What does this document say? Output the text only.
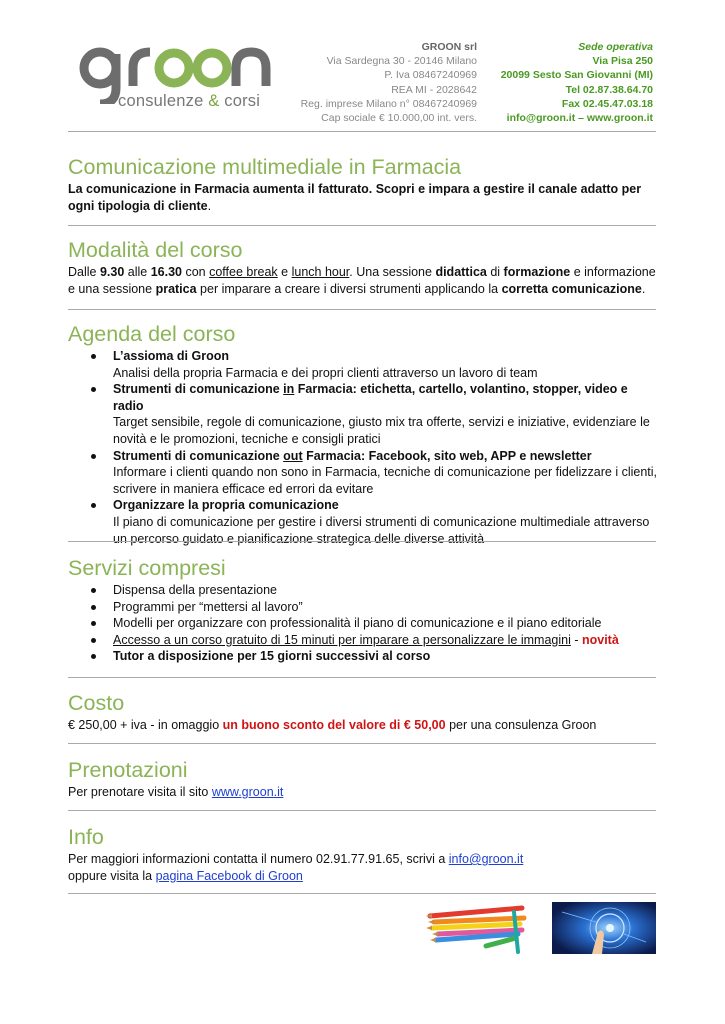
consulenze & corsi
GROON srl
Via Sardegna 30 - 20146 Milano
P. Iva 08467240969
REA MI - 2028642
Reg. imprese Milano n° 08467240969
Cap sociale € 10.000,00 int. vers.
Sede operativa
Via Pisa 250
20099 Sesto San Giovanni (MI)
Tel 02.87.38.64.70
Fax 02.45.47.03.18
info@groon.it – www.groon.it
Comunicazione multimediale in Farmacia
La comunicazione in Farmacia aumenta il fatturato. Scopri e impara a gestire il canale adatto per ogni tipologia di cliente.
Modalità del corso
Dalle 9.30 alle 16.30 con coffee break e lunch hour. Una sessione didattica di formazione e informazione e una sessione pratica per imparare a creare i diversi strumenti applicando la corretta comunicazione.
Agenda del corso
L’assioma di Groon
Analisi della propria Farmacia e dei propri clienti attraverso un lavoro di team
Strumenti di comunicazione in Farmacia: etichetta, cartello, volantino, stopper, video e radio
Target sensibile, regole di comunicazione, giusto mix tra offerte, servizi e iniziative, evidenziare le novità e le promozioni, tecniche e consigli pratici
Strumenti di comunicazione out Farmacia: Facebook, sito web, APP e newsletter
Informare i clienti quando non sono in Farmacia, tecniche di comunicazione per fidelizzare i clienti, scrivere in maniera efficace ed errori da evitare
Organizzare la propria comunicazione
Il piano di comunicazione per gestire i diversi strumenti di comunicazione multimediale attraverso un percorso guidato e pianificazione strategica delle diverse attività
Servizi compresi
Dispensa della presentazione
Programmi per “mettersi al lavoro”
Modelli per organizzare con professionalità il piano di comunicazione e il piano editoriale
Accesso a un corso gratuito di 15 minuti per imparare a personalizzare le immagini - novità
Tutor a disposizione per 15 giorni successivi al corso
Costo
€ 250,00 + iva - in omaggio un buono sconto del valore di € 50,00 per una consulenza Groon
Prenotazioni
Per prenotare visita il sito www.groon.it
Info
Per maggiori informazioni contatta il numero 02.91.77.91.65, scrivi a info@groon.it
oppure visita la pagina Facebook di Groon
